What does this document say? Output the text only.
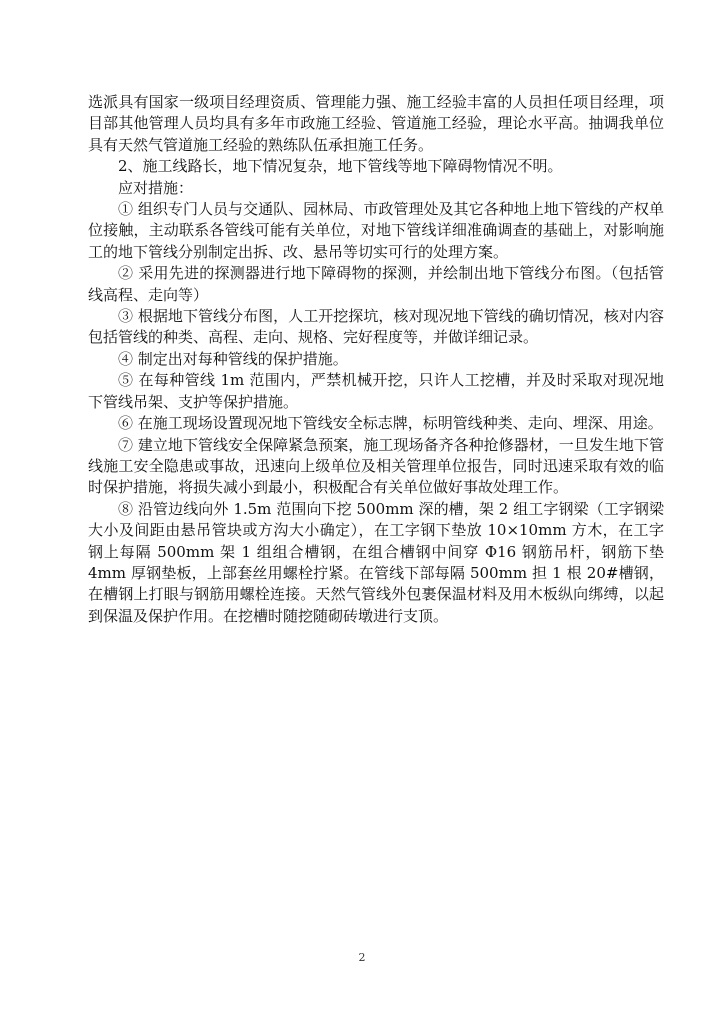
选派具有国家一级项目经理资质、管理能力强、施工经验丰富的人员担任项目经理，项目部其他管理人员均具有多年市政施工经验、管道施工经验，理论水平高。抽调我单位具有天然气管道施工经验的熟练队伍承担施工任务。

2、施工线路长，地下情况复杂，地下管线等地下障碍物情况不明。

应对措施：

① 组织专门人员与交通队、园林局、市政管理处及其它各种地上地下管线的产权单位接触，主动联系各管线可能有关单位，对地下管线详细准确调查的基础上，对影响施工的地下管线分别制定出拆、改、悬吊等切实可行的处理方案。

② 采用先进的探测器进行地下障碍物的探测，并绘制出地下管线分布图。（包括管线高程、走向等）

③ 根据地下管线分布图，人工开挖探坑，核对现况地下管线的确切情况，核对内容包括管线的种类、高程、走向、规格、完好程度等，并做详细记录。

④ 制定出对每种管线的保护措施。

⑤ 在每种管线 1m 范围内，严禁机械开挖，只许人工挖槽，并及时采取对现况地下管线吊架、支护等保护措施。

⑥ 在施工现场设置现况地下管线安全标志牌，标明管线种类、走向、埋深、用途。

⑦ 建立地下管线安全保障紧急预案，施工现场备齐各种抢修器材，一旦发生地下管线施工安全隐患或事故，迅速向上级单位及相关管理单位报告，同时迅速采取有效的临时保护措施，将损失减小到最小，积极配合有关单位做好事故处理工作。

⑧ 沿管边线向外 1.5m 范围向下挖 500mm 深的槽，架 2 组工字钢梁（工字钢梁大小及间距由悬吊管块或方沟大小确定），在工字钢下垫放 10×10mm 方木，在工字钢上每隔 500mm 架 1 组组合槽钢，在组合槽钢中间穿 Φ16 钢筋吊杆，钢筋下垫 4mm 厚钢垫板，上部套丝用螺栓拧紧。在管线下部每隔 500mm 担 1 根 20#槽钢，在槽钢上打眼与钢筋用螺栓连接。天然气管线外包裹保温材料及用木板纵向绑缚，以起到保温及保护作用。在挖槽时随挖随砌砖墩进行支顶。

2
